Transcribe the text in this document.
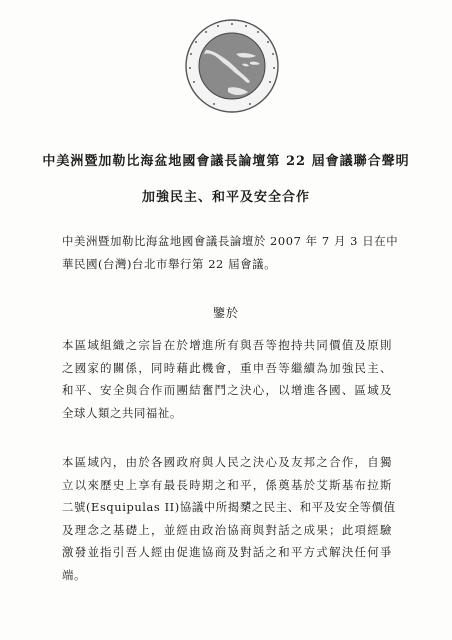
中美洲暨加勒比海盆地國會議長論壇第 22 屆會議聯合聲明
加強民主、和平及安全合作
中美洲暨加勒比海盆地國會議長論壇於 2007 年 7 月 3 日在中
華民國(台灣)台北市舉行第 22 屆會議。
鑒於
本區域組織之宗旨在於增進所有與吾等抱持共同價值及原則
之國家的關係，同時藉此機會，重申吾等繼續為加強民主、
和平、安全與合作而團結奮鬥之決心，以增進各國、區域及
全球人類之共同福祉。
本區域內，由於各國政府與人民之決心及友邦之合作，自獨
立以來歷史上享有最長時期之和平，係奠基於艾斯基布拉斯
二號(Esquipulas II)協議中所揭櫫之民主、和平及安全等價值
及理念之基礎上，並經由政治協商與對話之成果；此項經驗
激發並指引吾人經由促進協商及對話之和平方式解決任何爭
端。
